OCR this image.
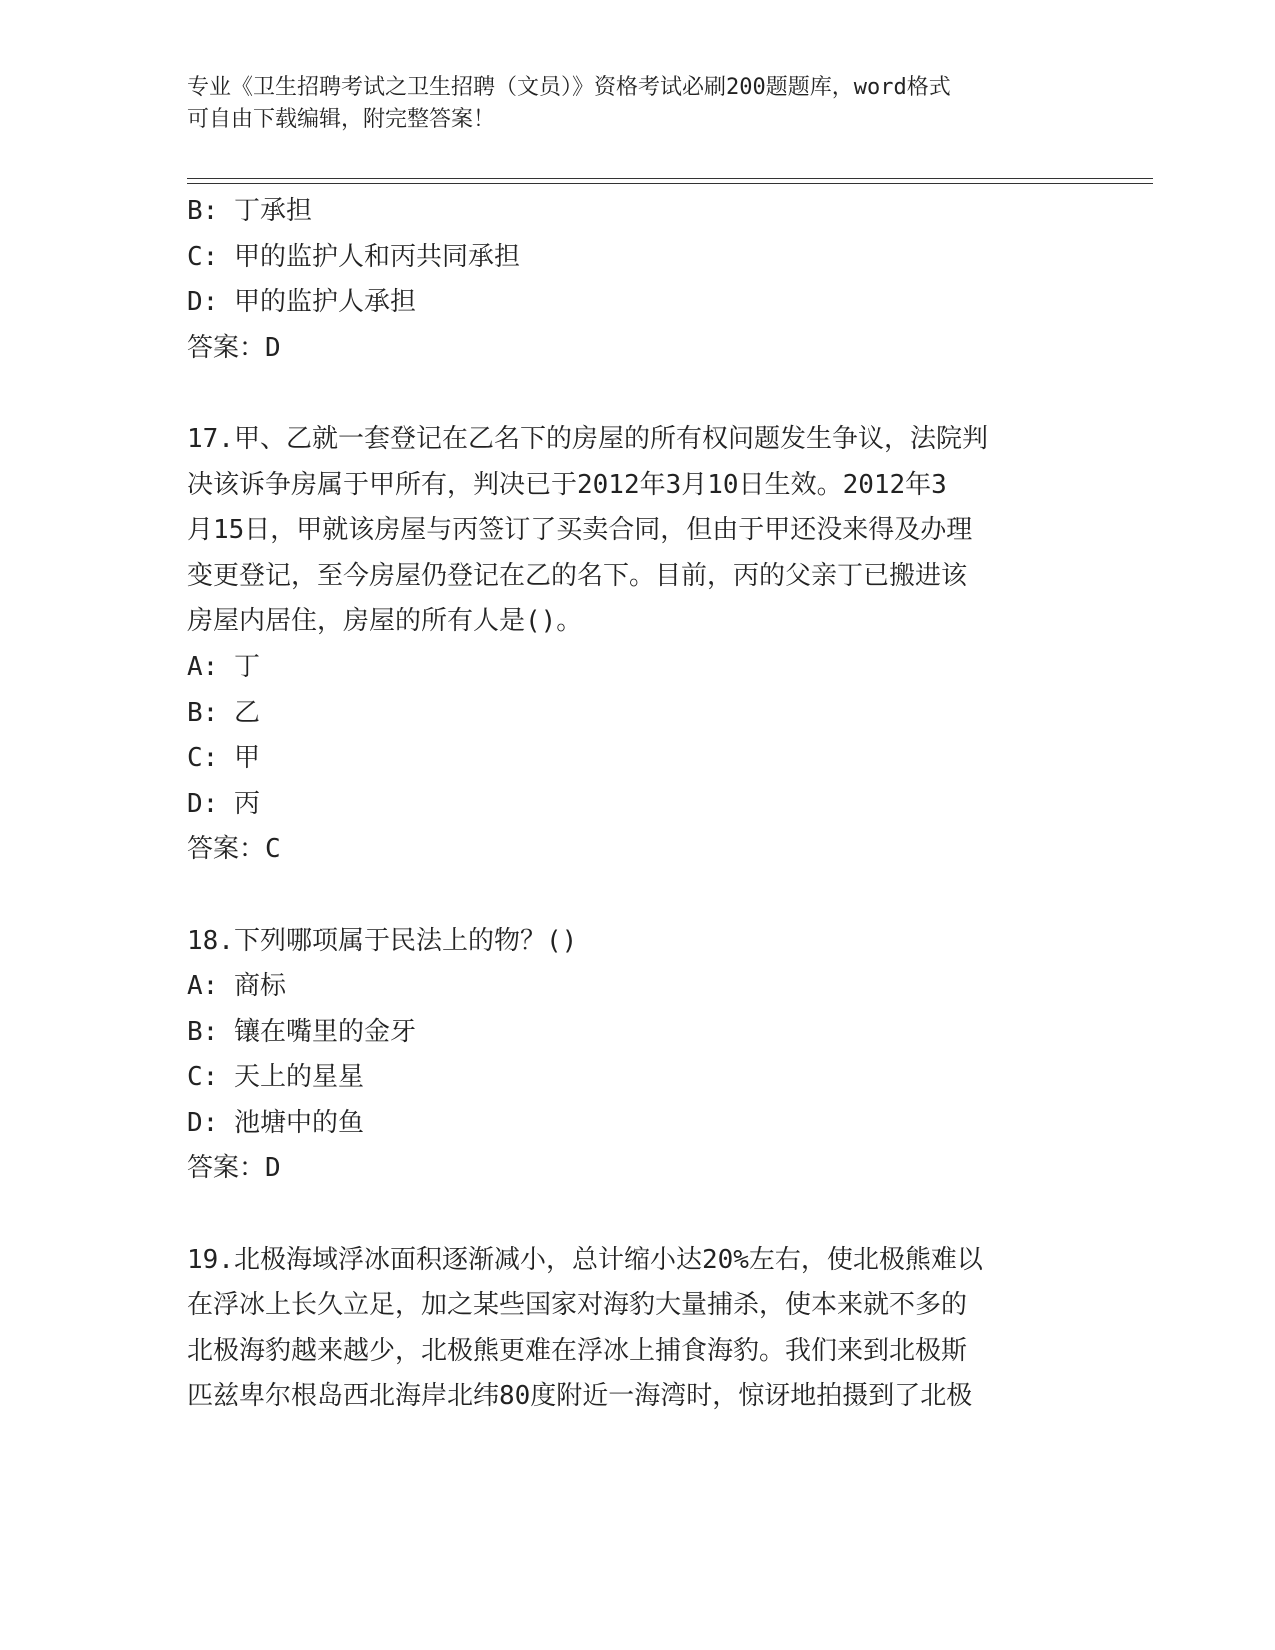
专业《卫生招聘考试之卫生招聘（文员）》资格考试必刷200题题库，word格式
可自由下载编辑，附完整答案！
B: 丁承担
C: 甲的监护人和丙共同承担
D: 甲的监护人承担
答案：D
17.甲、乙就一套登记在乙名下的房屋的所有权问题发生争议，法院判
决该诉争房属于甲所有，判决已于2012年3月10日生效。2012年3
月15日，甲就该房屋与丙签订了买卖合同，但由于甲还没来得及办理
变更登记，至今房屋仍登记在乙的名下。目前，丙的父亲丁已搬进该
房屋内居住，房屋的所有人是()。
A: 丁
B: 乙
C: 甲
D: 丙
答案：C
18.下列哪项属于民法上的物？()
A: 商标
B: 镶在嘴里的金牙
C: 天上的星星
D: 池塘中的鱼
答案：D
19.北极海域浮冰面积逐渐减小，总计缩小达20%左右，使北极熊难以
在浮冰上长久立足，加之某些国家对海豹大量捕杀，使本来就不多的
北极海豹越来越少，北极熊更难在浮冰上捕食海豹。我们来到北极斯
匹兹卑尔根岛西北海岸北纬80度附近一海湾时，惊讶地拍摄到了北极
